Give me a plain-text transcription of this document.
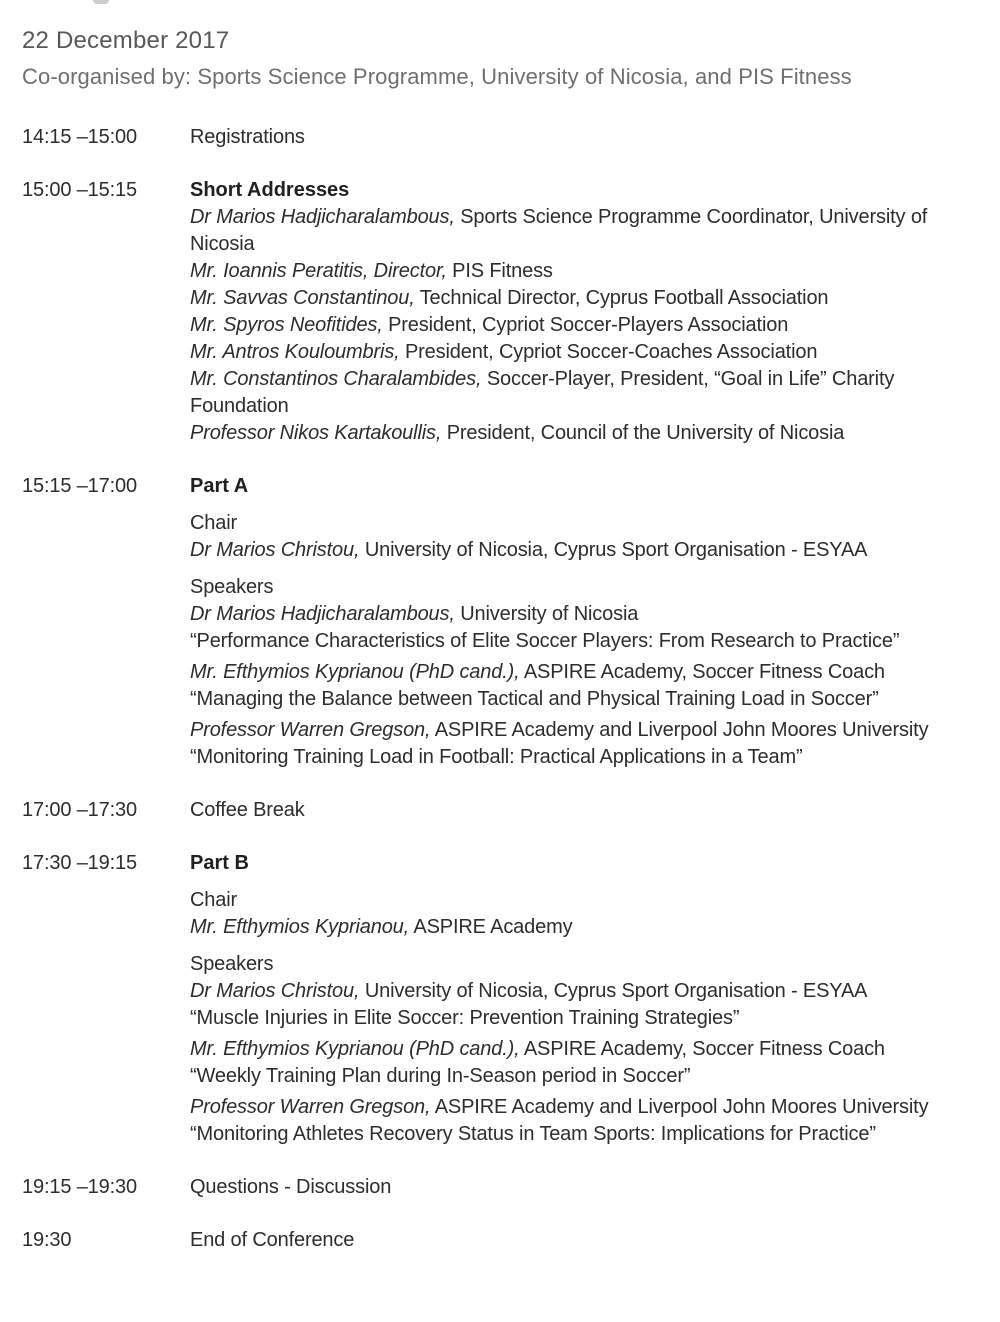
22 December 2017
Co-organised by: Sports Science Programme, University of Nicosia, and PIS Fitness
14:15 –15:00	Registrations
15:00 –15:15	Short Addresses
Dr Marios Hadjicharalambous, Sports Science Programme Coordinator, University of Nicosia
Mr. Ioannis Peratitis, Director, PIS Fitness
Mr. Savvas Constantinou, Technical Director, Cyprus Football Association
Mr. Spyros Neofitides, President, Cypriot Soccer-Players Association
Mr. Antros Kouloumbris, President, Cypriot Soccer-Coaches Association
Mr. Constantinos Charalambides, Soccer-Player, President, “Goal in Life” Charity Foundation
Professor Nikos Kartakoullis, President, Council of the University of Nicosia
15:15 –17:00	Part A
Chair
Dr Marios Christou, University of Nicosia, Cyprus Sport Organisation - ESYAA
Speakers
Dr Marios Hadjicharalambous, University of Nicosia
“Performance Characteristics of Elite Soccer Players: From Research to Practice”
Mr. Efthymios Kyprianou (PhD cand.), ASPIRE Academy, Soccer Fitness Coach
“Managing the Balance between Tactical and Physical Training Load in Soccer”
Professor Warren Gregson, ASPIRE Academy and Liverpool John Moores University
“Monitoring Training Load in Football: Practical Applications in a Team”
17:00 –17:30	Coffee Break
17:30 –19:15	Part B
Chair
Mr. Efthymios Kyprianou, ASPIRE Academy
Speakers
Dr Marios Christou, University of Nicosia, Cyprus Sport Organisation - ESYAA
“Muscle Injuries in Elite Soccer: Prevention Training Strategies”
Mr. Efthymios Kyprianou (PhD cand.), ASPIRE Academy, Soccer Fitness Coach
“Weekly Training Plan during In-Season period in Soccer”
Professor Warren Gregson, ASPIRE Academy and Liverpool John Moores University
“Monitoring Athletes Recovery Status in Team Sports: Implications for Practice”
19:15 –19:30	Questions - Discussion
19:30	End of Conference
